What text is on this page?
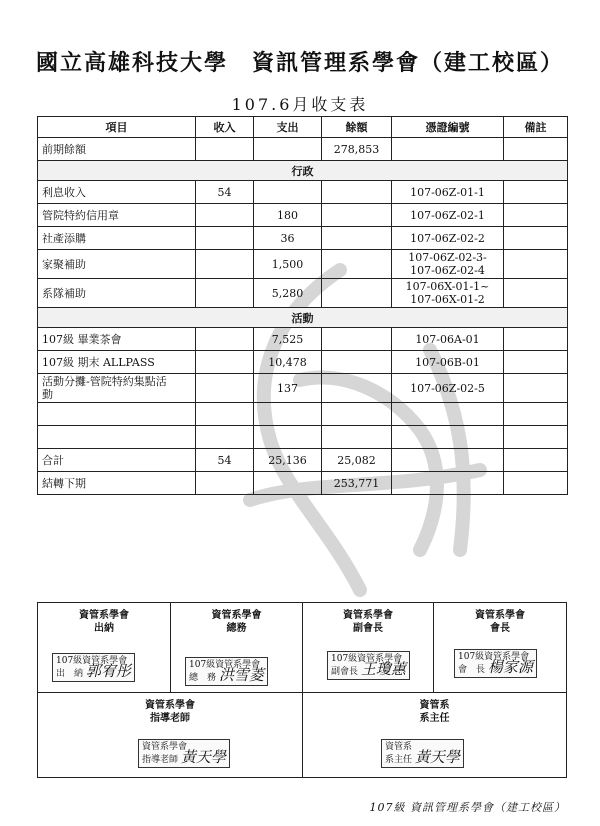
國立高雄科技大學　資訊管理系學會（建工校區）
107.6月收支表
項目	收入	支出	餘額	憑證編號	備註
前期餘額			278,853		
行政					
利息收入	54			107-06Z-01-1	
管院特約信用章		180		107-06Z-02-1	
社產添購		36		107-06Z-02-2	
家聚補助		1,500		107-06Z-02-3-
107-06Z-02-4	

系隊補助		5,280		107-06X-01-1~
107-06X-01-2	

活動					
107級 畢業茶會		7,525		107-06A-01	
107級 期末 ALLPASS		10,478		107-06B-01	

活動分攤-管院特約集點活
動		137		107-06Z-02-5	

合計	54	25,136	25,082		
結轉下期			253,771		
資管系學會
出納
107級資管系學會
出　納 郭宥彤
資管系學會
總務
107級資管系學會
總　務 洪雪菱
資管系學會
副會長
107級資管系學會
副會長 王瓊蕙
資管系學會
會長
107級資管系學會
會　長 楊家源
資管系學會
指導老師
資管系學會
指導老師 黃天學
資管系
系主任
資管系
系主任 黃天學
107級 資訊管理系學會（建工校區）
